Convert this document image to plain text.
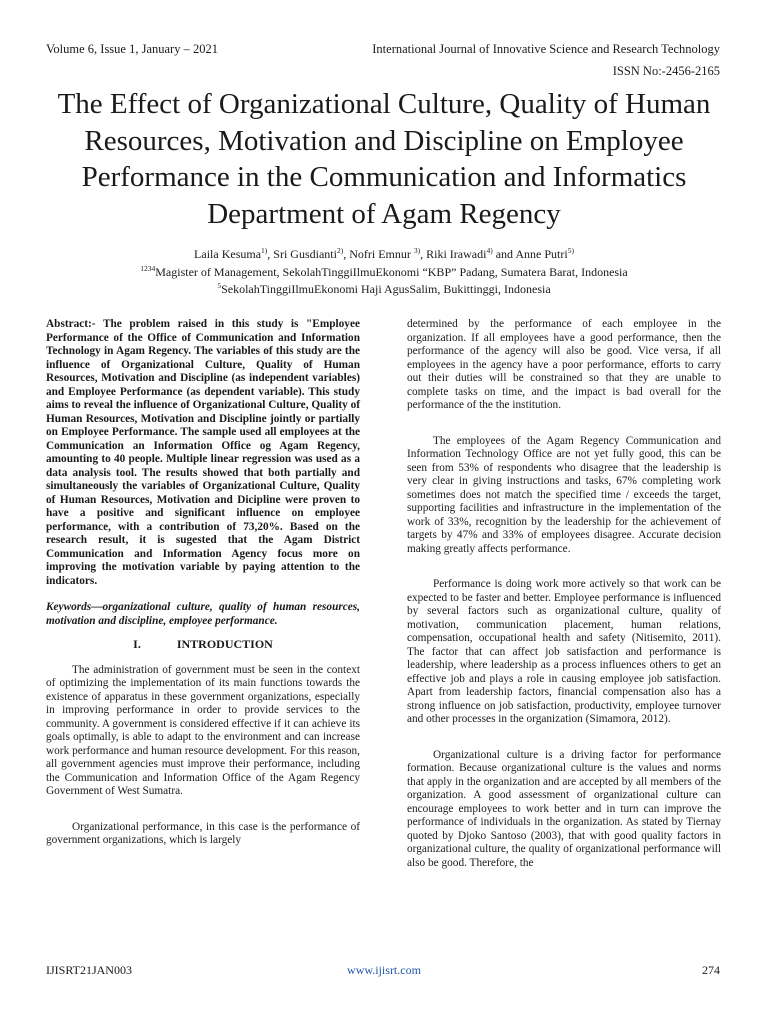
Volume 6, Issue 1, January – 2021	International Journal of Innovative Science and Research Technology
ISSN No:-2456-2165
The Effect of Organizational Culture, Quality of Human Resources, Motivation and Discipline on Employee Performance in the Communication and Informatics Department of Agam Regency
Laila Kesuma$^{1)}$, Sri Gusdianti$^{2)}$, Nofri Emnur $^{3)}$, Riki Irawadi$^{4)}$ and Anne Putri$^{5)}$
$^{1234}$Magister of Management, SekolahTinggiIlmuEkonomi “KBP” Padang, Sumatera Barat, Indonesia
$^5$SekolahTinggiIlmuEkonomi Haji AgusSalim, Bukittinggi, Indonesia

Abstract:- The problem raised in this study is "Employee Performance of the Office of Communication and Information Technology in Agam Regency. The variables of this study are the influence of Organizational Culture, Quality of Human Resources, Motivation and Discipline (as independent variables) and Employee Performance (as dependent variable). This study aims to reveal the influence of Organizational Culture, Quality of Human Resources, Motivation and Discipline jointly or partially on Employee Performance. The sample used all employees at the Communication an Information Office og Agam Regency, amounting to 40 people. Multiple linear regression was used as a data analysis tool. The results showed that both partially and simultaneously the variables of Organizational Culture, Quality of Human Resources, Motivation and Dicipline were proven to have a positive and significant influence on employee performance, with a contribution of 73,20%. Based on the research result, it is sugested that the Agam District Communication and Information Agency focus more on improving the motivation variable by paying attention to the indicators.

Keywords—organizational culture, quality of human resources, motivation and discipline, employee performance.

I.	INTRODUCTION

The administration of government must be seen in the context of optimizing the implementation of its main functions towards the existence of apparatus in these government organizations, especially in improving performance in order to provide services to the community. A government is considered effective if it can achieve its goals optimally, is able to adapt to the environment and can increase work performance and human resource development. For this reason, all government agencies must improve their performance, including the Communication and Information Office of the Agam Regency Government of West Sumatra.

Organizational performance, in this case is the performance of government organizations, which is largely

determined by the performance of each employee in the organization. If all employees have a good performance, then the performance of the agency will also be good. Vice versa, if all employees in the agency have a poor performance, efforts to carry out their duties will be constrained so that they are unable to complete tasks on time, and the impact is bad overall for the performance of the the institution.

The employees of the Agam Regency Communication and Information Technology Office are not yet fully good, this can be seen from 53% of respondents who disagree that the leadership is very clear in giving instructions and tasks, 67% completing work sometimes does not match the specified time / exceeds the target, supporting facilities and infrastructure in the implementation of the work of 33%, recognition by the leadership for the achievement of targets by 47% and 33% of employees disagree. Accurate decision making greatly affects performance.

Performance is doing work more actively so that work can be expected to be faster and better. Employee performance is influenced by several factors such as organizational culture, quality of motivation, communication placement, human relations, compensation, occupational health and safety (Nitisemito, 2011). The factor that can affect job satisfaction and performance is leadership, where leadership as a process influences others to get an effective job and plays a role in causing employee job satisfaction. Apart from leadership factors, financial compensation also has a strong influence on job satisfaction, productivity, employee turnover and other processes in the organization (Simamora, 2012).

Organizational culture is a driving factor for performance formation. Because organizational culture is the values and norms that apply in the organization and are accepted by all members of the organization. A good assessment of organizational culture can encourage employees to work better and in turn can improve the performance of individuals in the organization. As stated by Tiernay quoted by Djoko Santoso (2003), that with good quality factors in organizational culture, the quality of organizational performance will also be good. Therefore, the

IJISRT21JAN003	www.ijisrt.com	274
